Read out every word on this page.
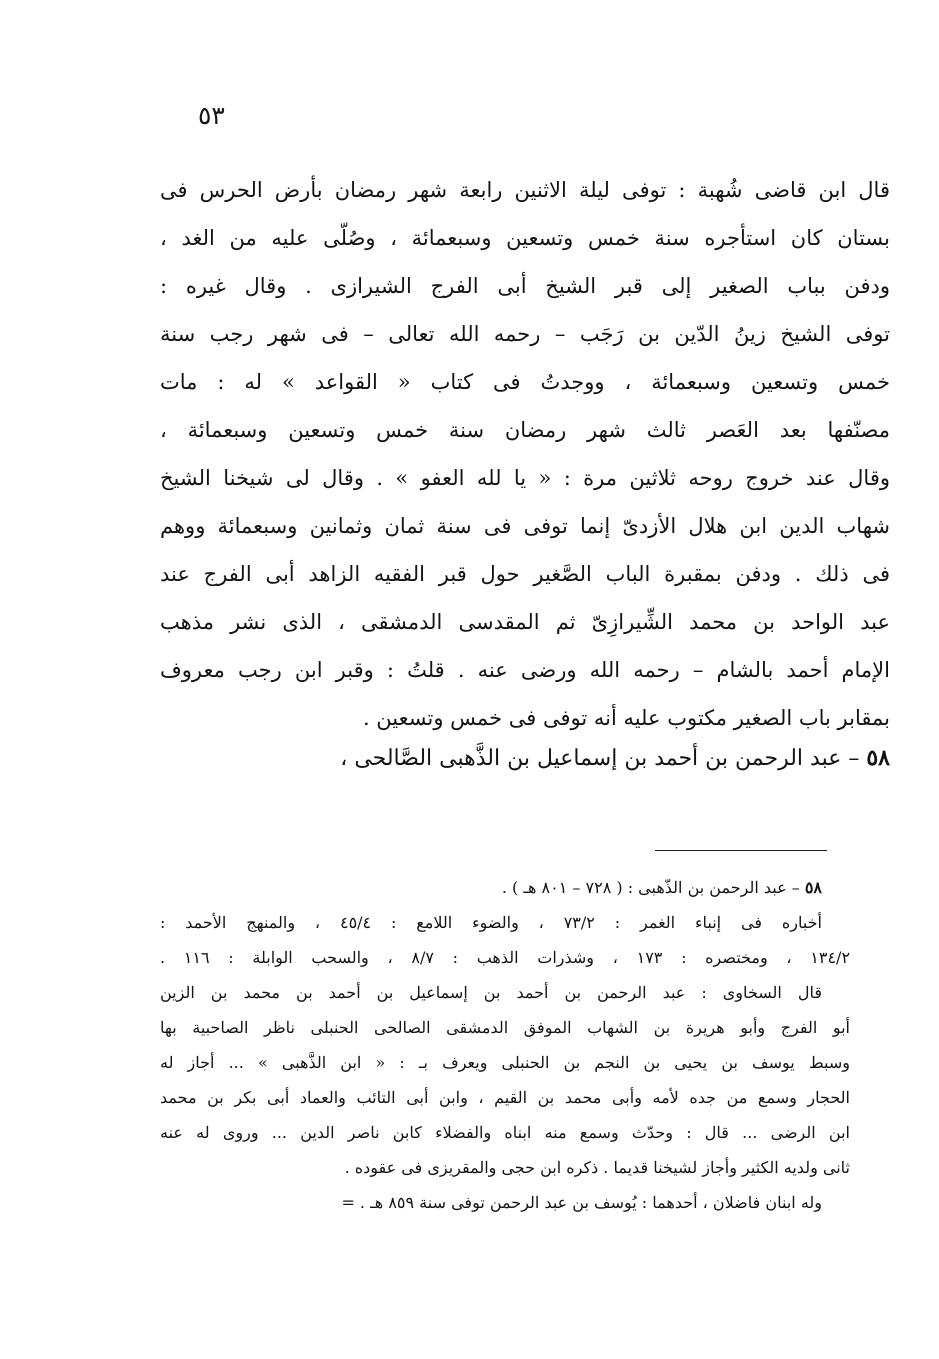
٥٣
قال ابن قاضى شُهبة : توفى ليلة الاثنين رابعة شهر رمضان بأرض الحرس فى
بستان كان استأجره سنة خمس وتسعين وسبعمائة ، وصُلّى عليه من الغد ،
ودفن بباب الصغير إلى قبر الشيخ أبى الفرج الشيرازى . وقال غيره :
توفى الشيخ زينُ الدّين بن رَجَب – رحمه الله تعالى – فى شهر رجب سنة
خمس وتسعين وسبعمائة ، ووجدتُ فى كتاب « القواعد » له : مات
مصنّفها بعد العَصر ثالث شهر رمضان سنة خمس وتسعين وسبعمائة ،
وقال عند خروج روحه ثلاثين مرة : « يا لله العفو » . وقال لى شيخنا الشيخ
شهاب الدين ابن هلال الأزدىّ إنما توفى فى سنة ثمان وثمانين وسبعمائة ووهم
فى ذلك . ودفن بمقبرة الباب الصَّغير حول قبر الفقيه الزاهد أبى الفرج عند
عبد الواحد بن محمد الشِّيرازِىّ ثم المقدسى الدمشقى ، الذى نشر مذهب
الإمام أحمد بالشام – رحمه الله ورضى عنه . قلتُ : وقبر ابن رجب معروف
بمقابر باب الصغير مكتوب عليه أنه توفى فى خمس وتسعين .
٥٨ – عبد الرحمن بن أحمد بن إسماعيل بن الذَّهبى الصَّالحى ،
٥٨ – عبد الرحمن بن الذّهبى : ( ٧٢٨ – ٨٠١ هـ ) .
أخباره فى إنباء الغمر : ٧٣/٢ ، والضوء اللامع : ٤٥/٤ ، والمنهج الأحمد :
١٣٤/٢ ، ومختصره : ١٧٣ ، وشذرات الذهب : ٨/٧ ، والسحب الوابلة : ١١٦ .
قال السخاوى : عبد الرحمن بن أحمد بن إسماعيل بن أحمد بن محمد بن الزين
أبو الفرج وأبو هريرة بن الشهاب الموفق الدمشقى الصالحى الحنبلى ناظر الصاحبية بها
وسبط يوسف بن يحيى بن النجم بن الحنبلى ويعرف بـ : « ابن الذَّهبى » ... أجاز له
الحجار وسمع من جده لأمه وأبى محمد بن القيم ، وابن أبى التائب والعماد أبى بكر بن محمد
ابن الرضى ... قال : وحدّث وسمع منه ابناه والفضلاء كابن ناصر الدين ... وروى له عنه
ثانى ولديه الكثير وأجاز لشيخنا قديما . ذكره ابن حجى والمقريزى فى عقوده .
وله ابنان فاضلان ، أحدهما : يُوسف بن عبد الرحمن توفى سنة ٨٥٩ هـ . =
